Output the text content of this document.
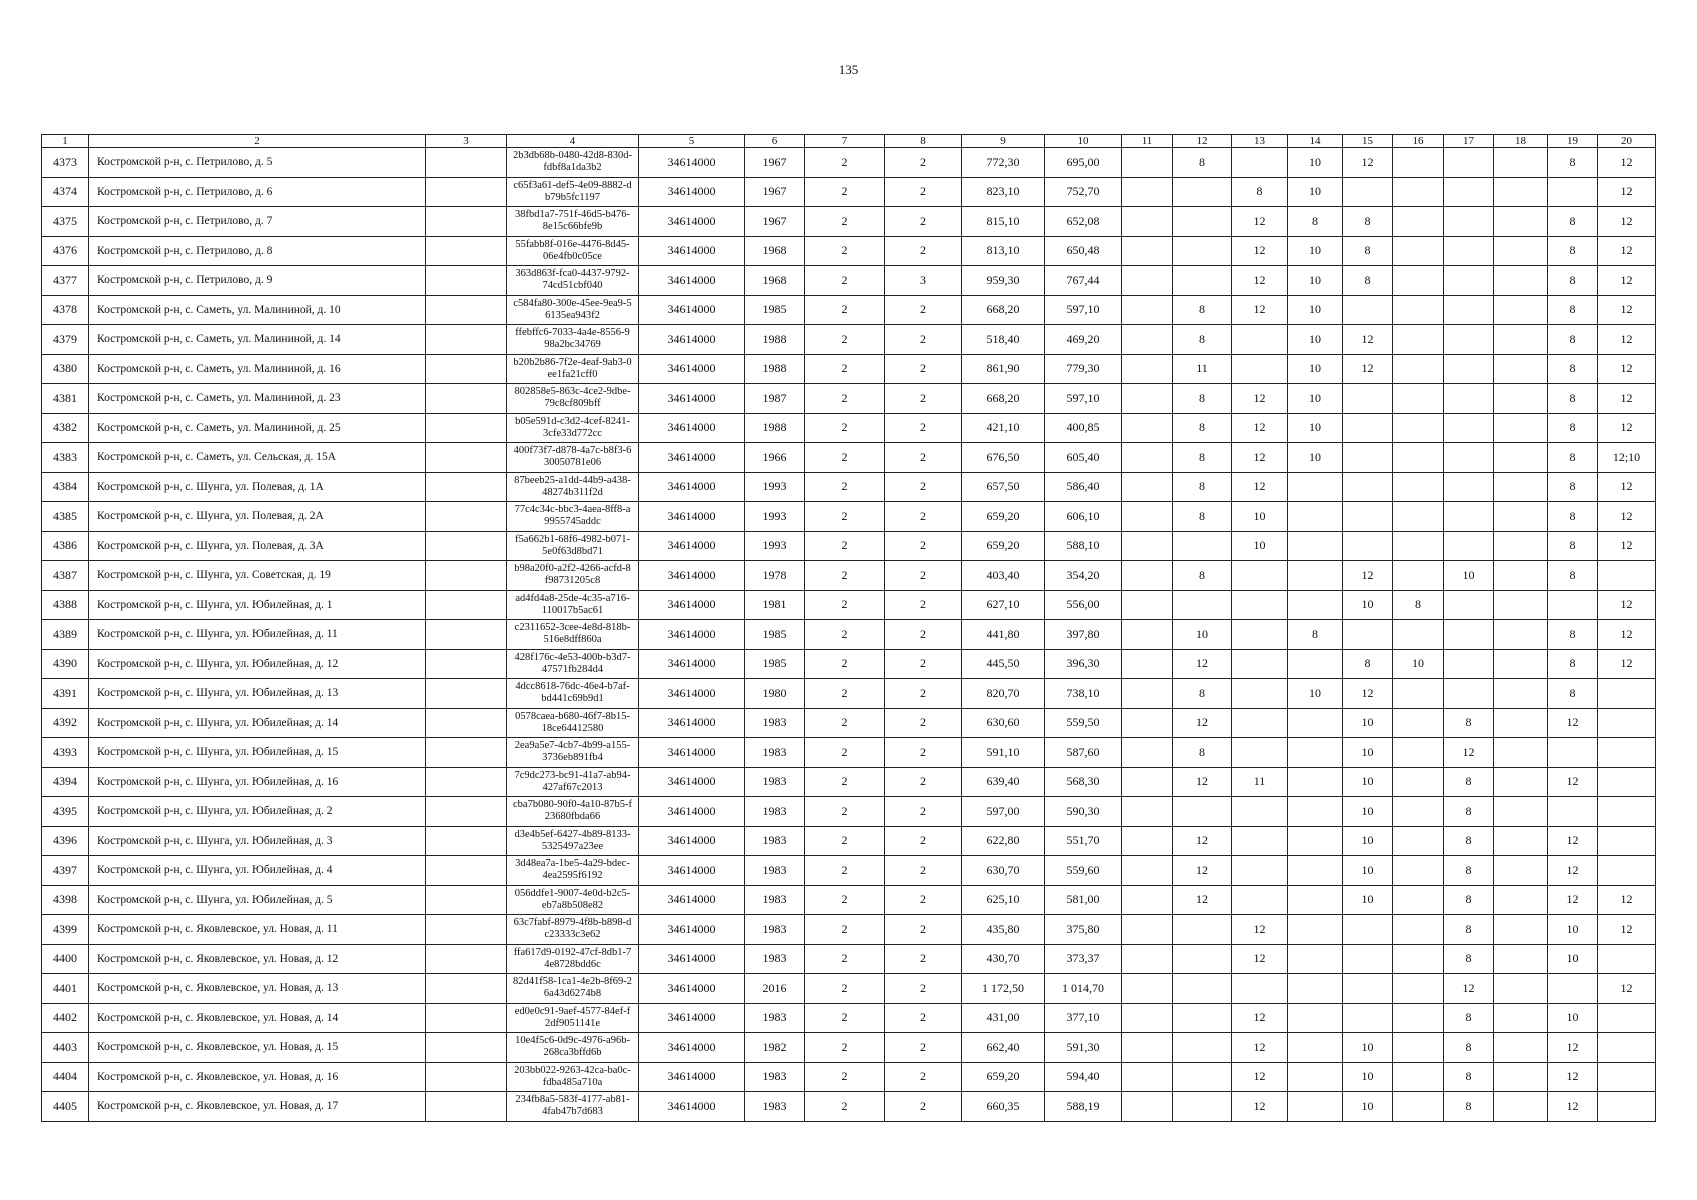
135
1	2	3	4	5	6	7	8	9	10	11	12	13	14	15	16	17	18	19	20
4373	Костромской р-н, с. Петрилово, д. 5		2b3db68b-0480-42d8-830d-fdbf8a1da3b2	34614000	1967	2	2	772,30	695,00		8		10	12				8	12
4374	Костромской р-н, с. Петрилово, д. 6		c65f3a61-def5-4e09-8882-db79b5fc1197	34614000	1967	2	2	823,10	752,70			8	10						12
4375	Костромской р-н, с. Петрилово, д. 7		38fbd1a7-751f-46d5-b476-8e15c66bfe9b	34614000	1967	2	2	815,10	652,08			12	8	8				8	12
4376	Костромской р-н, с. Петрилово, д. 8		55fabb8f-016e-4476-8d45-06e4fb0c05ce	34614000	1968	2	2	813,10	650,48			12	10	8				8	12
4377	Костромской р-н, с. Петрилово, д. 9		363d863f-fca0-4437-9792-74cd51cbf040	34614000	1968	2	3	959,30	767,44			12	10	8				8	12
4378	Костромской р-н, с. Саметь, ул. Малининой, д. 10		c584fa80-300e-45ee-9ea9-56135ea943f2	34614000	1985	2	2	668,20	597,10		8	12	10					8	12
4379	Костромской р-н, с. Саметь, ул. Малининой, д. 14		ffebffc6-7033-4a4e-8556-998a2bc34769	34614000	1988	2	2	518,40	469,20		8		10	12				8	12
4380	Костромской р-н, с. Саметь, ул. Малининой, д. 16		b20b2b86-7f2e-4eaf-9ab3-0ee1fa21cff0	34614000	1988	2	2	861,90	779,30		11		10	12				8	12
4381	Костромской р-н, с. Саметь, ул. Малининой, д. 23		802858e5-863c-4ce2-9dbe-79c8cf809bff	34614000	1987	2	2	668,20	597,10		8	12	10					8	12
4382	Костромской р-н, с. Саметь, ул. Малининой, д. 25		b05e591d-c3d2-4cef-8241-3cfe33d772cc	34614000	1988	2	2	421,10	400,85		8	12	10					8	12
4383	Костромской р-н, с. Саметь, ул. Сельская, д. 15А		400f73f7-d878-4a7c-b8f3-630050781e06	34614000	1966	2	2	676,50	605,40		8	12	10					8	12;10
4384	Костромской р-н, с. Шунга, ул. Полевая, д. 1А		87beeb25-a1dd-44b9-a438-48274b311f2d	34614000	1993	2	2	657,50	586,40		8	12						8	12
4385	Костромской р-н, с. Шунга, ул. Полевая, д. 2А		77c4c34c-bbc3-4aea-8ff8-a9955745addc	34614000	1993	2	2	659,20	606,10		8	10						8	12
4386	Костромской р-н, с. Шунга, ул. Полевая, д. 3А		f5a662b1-68f6-4982-b071-5e0f63d8bd71	34614000	1993	2	2	659,20	588,10			10						8	12
4387	Костромской р-н, с. Шунга, ул. Советская, д. 19		b98a20f0-a2f2-4266-acfd-8f98731205c8	34614000	1978	2	2	403,40	354,20		8			12		10		8	
4388	Костромской р-н, с. Шунга, ул. Юбилейная, д. 1		ad4fd4a8-25de-4c35-a716-110017b5ac61	34614000	1981	2	2	627,10	556,00					10	8				12
4389	Костромской р-н, с. Шунга, ул. Юбилейная, д. 11		c2311652-3cee-4e8d-818b-516e8dff860a	34614000	1985	2	2	441,80	397,80		10		8					8	12
4390	Костромской р-н, с. Шунга, ул. Юбилейная, д. 12		428f176c-4e53-400b-b3d7-47571fb284d4	34614000	1985	2	2	445,50	396,30		12			8	10			8	12
4391	Костромской р-н, с. Шунга, ул. Юбилейная, д. 13		4dcc8618-76dc-46e4-b7af-bd441c69b9d1	34614000	1980	2	2	820,70	738,10		8		10	12				8	
4392	Костромской р-н, с. Шунга, ул. Юбилейная, д. 14		0578caea-b680-46f7-8b15-18ce64412580	34614000	1983	2	2	630,60	559,50		12			10		8		12	
4393	Костромской р-н, с. Шунга, ул. Юбилейная, д. 15		2ea9a5e7-4cb7-4b99-a155-3736eb891fb4	34614000	1983	2	2	591,10	587,60		8			10		12			
4394	Костромской р-н, с. Шунга, ул. Юбилейная, д. 16		7c9dc273-bc91-41a7-ab94-427af67c2013	34614000	1983	2	2	639,40	568,30		12	11		10		8		12	
4395	Костромской р-н, с. Шунга, ул. Юбилейная, д. 2		cba7b080-90f0-4a10-87b5-f23680fbda66	34614000	1983	2	2	597,00	590,30					10		8			
4396	Костромской р-н, с. Шунга, ул. Юбилейная, д. 3		d3e4b5ef-6427-4b89-8133-5325497a23ee	34614000	1983	2	2	622,80	551,70		12			10		8		12	
4397	Костромской р-н, с. Шунга, ул. Юбилейная, д. 4		3d48ea7a-1be5-4a29-bdec-4ea2595f6192	34614000	1983	2	2	630,70	559,60		12			10		8		12	
4398	Костромской р-н, с. Шунга, ул. Юбилейная, д. 5		056ddfe1-9007-4e0d-b2c5-eb7a8b508e82	34614000	1983	2	2	625,10	581,00		12			10		8		12	12
4399	Костромской р-н, с. Яковлевское, ул. Новая, д. 11		63c7fabf-8979-4f8b-b898-dc23333c3e62	34614000	1983	2	2	435,80	375,80			12				8		10	12
4400	Костромской р-н, с. Яковлевское, ул. Новая, д. 12		ffa617d9-0192-47cf-8db1-74e8728bdd6c	34614000	1983	2	2	430,70	373,37			12				8		10	
4401	Костромской р-н, с. Яковлевское, ул. Новая, д. 13		82d41f58-1ca1-4e2b-8f69-26a43d6274b8	34614000	2016	2	2	1 172,50	1 014,70							12			12
4402	Костромской р-н, с. Яковлевское, ул. Новая, д. 14		ed0e0c91-9aef-4577-84ef-f2df9051141e	34614000	1983	2	2	431,00	377,10			12				8		10	
4403	Костромской р-н, с. Яковлевское, ул. Новая, д. 15		10e4f5c6-0d9c-4976-a96b-268ca3bffd6b	34614000	1982	2	2	662,40	591,30			12		10		8		12	
4404	Костромской р-н, с. Яковлевское, ул. Новая, д. 16		203bb022-9263-42ca-ba0c-fdba485a710a	34614000	1983	2	2	659,20	594,40			12		10		8		12	
4405	Костромской р-н, с. Яковлевское, ул. Новая, д. 17		234fb8a5-583f-4177-ab81-4fab47b7d683	34614000	1983	2	2	660,35	588,19			12		10		8		12	
